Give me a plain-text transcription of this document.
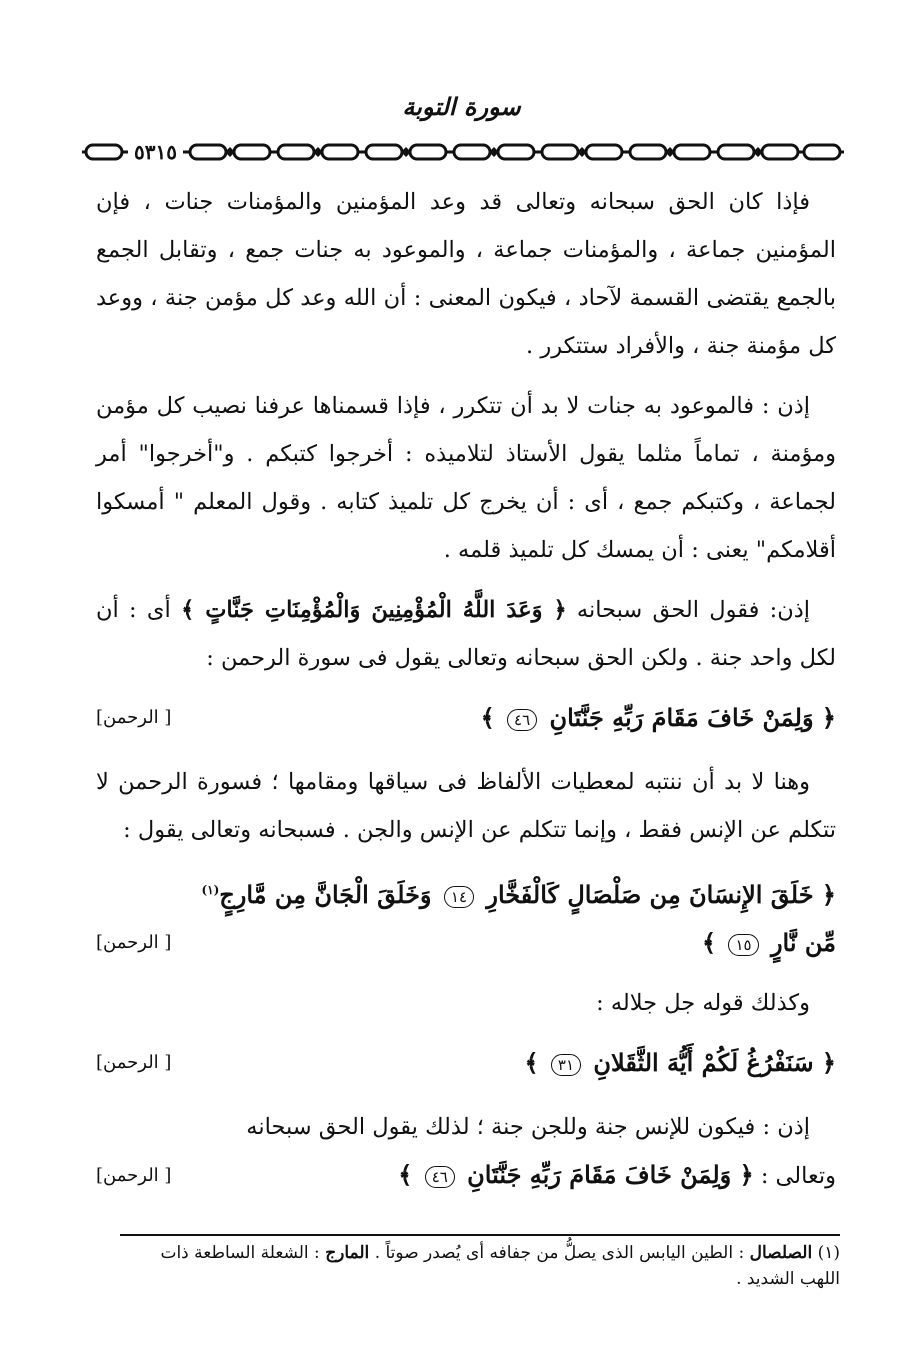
سورة التوبة
٥٣١٥

فإذا كان الحق سبحانه وتعالى قد وعد المؤمنين والمؤمنات جنات ، فإن المؤمنين جماعة ، والمؤمنات جماعة ، والموعود به جنات جمع ، وتقابل الجمع بالجمع يقتضى القسمة لآحاد ، فيكون المعنى : أن الله وعد كل مؤمن جنة ، ووعد كل مؤمنة جنة ، والأفراد ستتكرر .

إذن : فالموعود به جنات لا بد أن تتكرر ، فإذا قسمناها عرفنا نصيب كل مؤمن ومؤمنة ، تماماً مثلما يقول الأستاذ لتلاميذه : أخرجوا كتبكم . و"أخرجوا" أمر لجماعة ، وكتبكم جمع ، أى : أن يخرج كل تلميذ كتابه . وقول المعلم " أمسكوا أقلامكم" يعنى : أن يمسك كل تلميذ قلمه .

إذن: فقول الحق سبحانه ﴿ وَعَدَ اللَّهُ الْمُؤْمِنِينَ وَالْمُؤْمِنَاتِ جَنَّاتٍ ﴾ أى : أن لكل واحد جنة . ولكن الحق سبحانه وتعالى يقول فى سورة الرحمن :

﴿ وَلِمَنْ خَافَ مَقَامَ رَبِّهِ جَنَّتَانِ ٤٦ ﴾
[ الرحمن]

وهنا لا بد أن ننتبه لمعطيات الألفاظ فى سياقها ومقامها ؛ فسورة الرحمن لا تتكلم عن الإنس فقط ، وإنما تتكلم عن الإنس والجن . فسبحانه وتعالى يقول :

﴿ خَلَقَ الإِنسَانَ مِن صَلْصَالٍ كَالْفَخَّارِ ١٤ وَخَلَقَ الْجَانَّ مِن مَّارِجٍ$^{(١)}$
مِّن نَّارٍ ١٥ ﴾
[ الرحمن]

وكذلك قوله جل جلاله :

﴿ سَنَفْرُغُ لَكُمْ أَيُّهَ الثَّقَلانِ ٣١ ﴾
[ الرحمن]

إذن : فيكون للإنس جنة وللجن جنة ؛ لذلك يقول الحق سبحانه

وتعالى : ﴿ وَلِمَنْ خَافَ مَقَامَ رَبِّهِ جَنَّتَانِ ٤٦ ﴾
[ الرحمن]
(١) الصلصال : الطين اليابس الذى يصلُّ من جفافه أى يُصدر صوتاً . المارج : الشعلة الساطعة ذات اللهب الشديد .
